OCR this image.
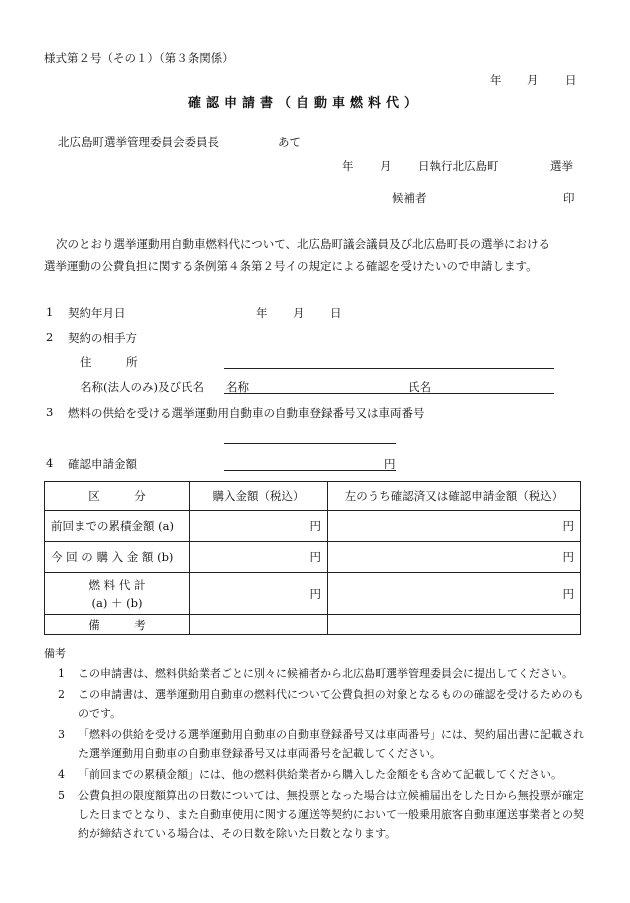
様式第２号（その１）（第３条関係）
年 月 日
確認申請書（自動車燃料代）
北広島町選挙管理委員会委員長	あて
年 月 日執行北広島町	選挙
候補者	印
次のとおり選挙運動用自動車燃料代について、北広島町議会議員及び北広島町長の選挙における
選挙運動の公費負担に関する条例第４条第２号イの規定による確認を受けたいので申請します。
1 契約年月日	年 月 日
2 契約の相手方
住　　　所
名称(法人のみ)及び氏名 名称	氏名
3 燃料の供給を受ける選挙運動用自動車の自動車登録番号又は車両番号
4 確認申請金額	円
区　　　分	購入金額（税込）	左のうち確認済又は確認申請金額（税込）
前回までの累積金額 (a)	円	円
今 回 の 購 入 金 額 (b)	円	円

燃 料 代 計
(a) ＋ (b)	円	円
備　　　考		
備考
1 この申請書は、燃料供給業者ごとに別々に候補者から北広島町選挙管理委員会に提出してください。
2 この申請書は、選挙運動用自動車の燃料代について公費負担の対象となるものの確認を受けるためのものです。
3 「燃料の供給を受ける選挙運動用自動車の自動車登録番号又は車両番号」には、契約届出書に記載された選挙運動用自動車の自動車登録番号又は車両番号を記載してください。
4 「前回までの累積金額」には、他の燃料供給業者から購入した金額をも含めて記載してください。
5 公費負担の限度額算出の日数については、無投票となった場合は立候補届出をした日から無投票が確定した日までとなり、また自動車使用に関する運送等契約において一般乗用旅客自動車運送事業者との契約が締結されている場合は、その日数を除いた日数となります。
